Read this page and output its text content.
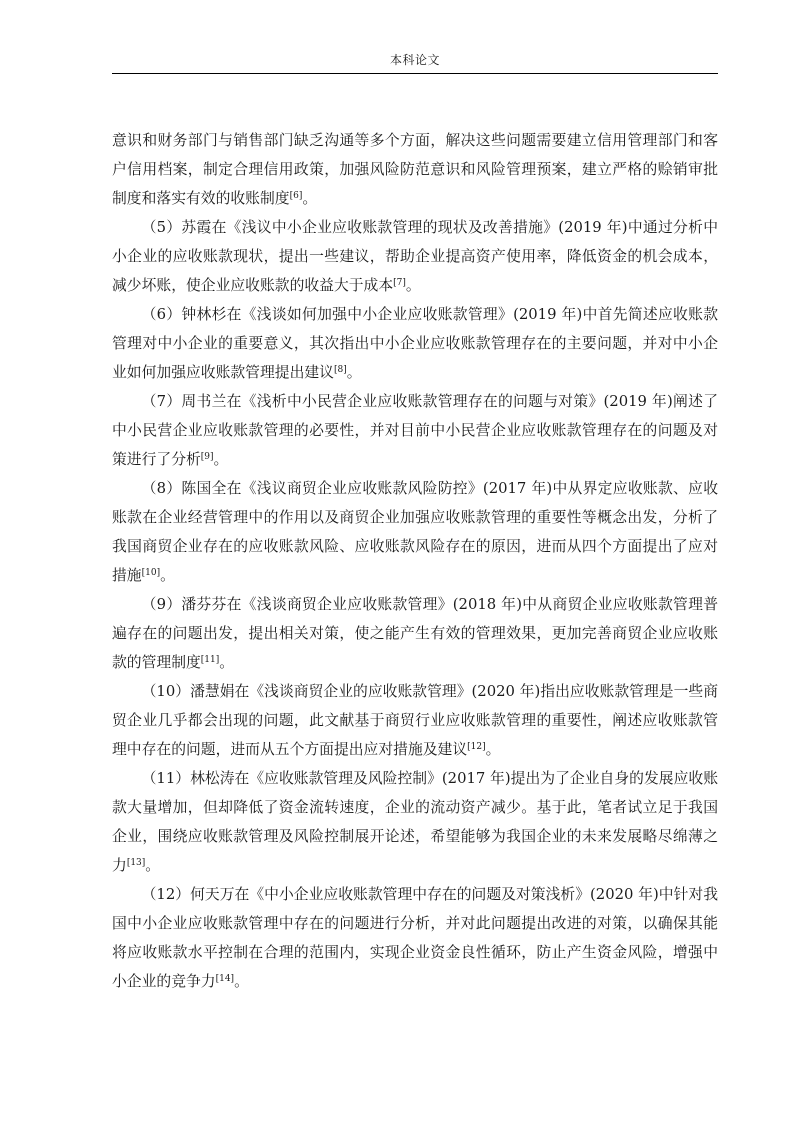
本科论文

意识和财务部门与销售部门缺乏沟通等多个方面，解决这些问题需要建立信用管理部门和客户信用档案，制定合理信用政策，加强风险防范意识和风险管理预案，建立严格的赊销审批制度和落实有效的收账制度[6]。

（5）苏霞在《浅议中小企业应收账款管理的现状及改善措施》(2019 年)中通过分析中小企业的应收账款现状，提出一些建议，帮助企业提高资产使用率，降低资金的机会成本，减少坏账，使企业应收账款的收益大于成本[7]。

（6）钟林杉在《浅谈如何加强中小企业应收账款管理》(2019 年)中首先简述应收账款管理对中小企业的重要意义，其次指出中小企业应收账款管理存在的主要问题，并对中小企业如何加强应收账款管理提出建议[8]。

（7）周书兰在《浅析中小民营企业应收账款管理存在的问题与对策》(2019 年)阐述了中小民营企业应收账款管理的必要性，并对目前中小民营企业应收账款管理存在的问题及对策进行了分析[9]。

（8）陈国全在《浅议商贸企业应收账款风险防控》(2017 年)中从界定应收账款、应收账款在企业经营管理中的作用以及商贸企业加强应收账款管理的重要性等概念出发，分析了我国商贸企业存在的应收账款风险、应收账款风险存在的原因，进而从四个方面提出了应对措施[10]。

（9）潘芬芬在《浅谈商贸企业应收账款管理》(2018 年)中从商贸企业应收账款管理普遍存在的问题出发，提出相关对策，使之能产生有效的管理效果，更加完善商贸企业应收账款的管理制度[11]。

（10）潘慧娟在《浅谈商贸企业的应收账款管理》(2020 年)指出应收账款管理是一些商贸企业几乎都会出现的问题，此文献基于商贸行业应收账款管理的重要性，阐述应收账款管理中存在的问题，进而从五个方面提出应对措施及建议[12]。

（11）林松涛在《应收账款管理及风险控制》(2017 年)提出为了企业自身的发展应收账款大量增加，但却降低了资金流转速度，企业的流动资产减少。基于此，笔者试立足于我国企业，围绕应收账款管理及风险控制展开论述，希望能够为我国企业的未来发展略尽绵薄之力[13]。

（12）何天万在《中小企业应收账款管理中存在的问题及对策浅析》(2020 年)中针对我国中小企业应收账款管理中存在的问题进行分析，并对此问题提出改进的对策，以确保其能将应收账款水平控制在合理的范围内，实现企业资金良性循环，防止产生资金风险，增强中小企业的竞争力[14]。
